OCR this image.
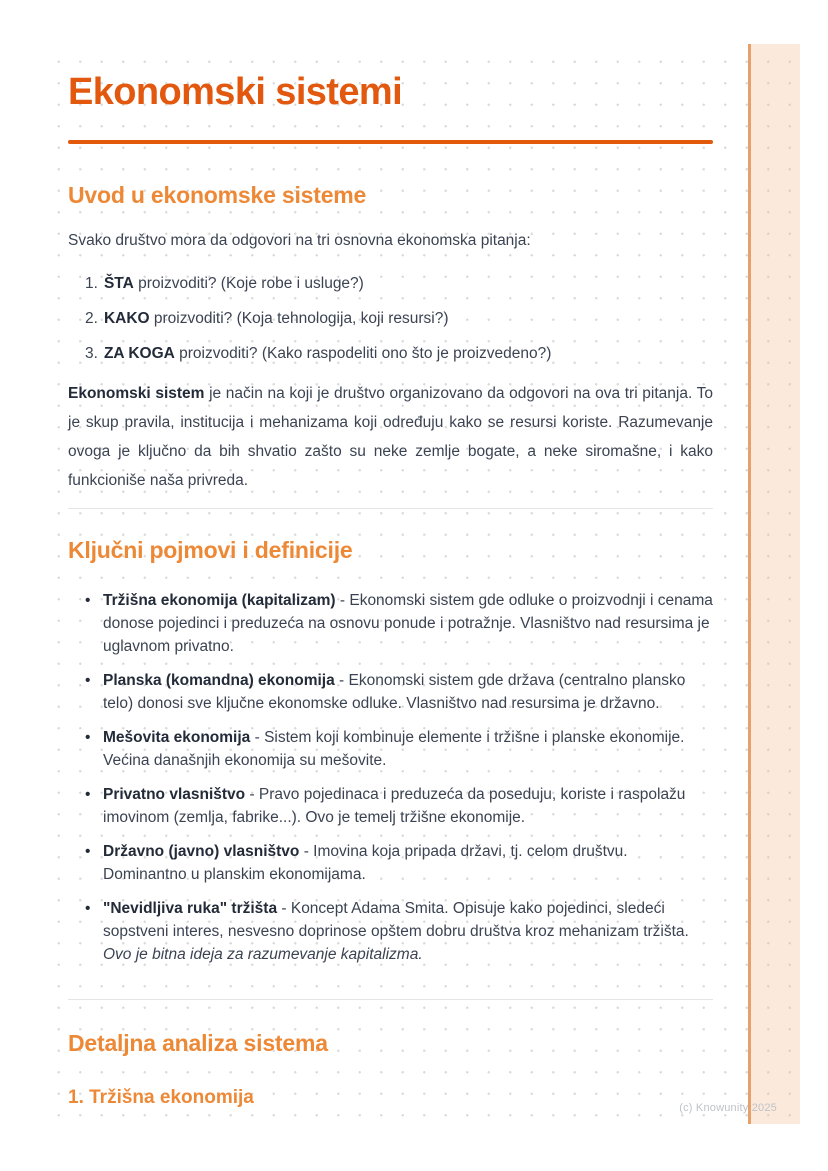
Ekonomski sistemi
Uvod u ekonomske sisteme

Svako društvo mora da odgovori na tri osnovna ekonomska pitanja:

1. ŠTA proizvoditi? (Koje robe i usluge?)
2. KAKO proizvoditi? (Koja tehnologija, koji resursi?)
3. ZA KOGA proizvoditi? (Kako raspodeliti ono što je proizvedeno?)

Ekonomski sistem je način na koji je društvo organizovano da odgovori na ova tri pitanja. To je skup pravila, institucija i mehanizama koji određuju kako se resursi koriste. Razumevanje ovoga je ključno da bih shvatio zašto su neke zemlje bogate, a neke siromašne, i kako funkcioniše naša privreda.

Ključni pojmovi i definicije
• Tržišna ekonomija (kapitalizam) - Ekonomski sistem gde odluke o proizvodnji i cenama donose pojedinci i preduzeća na osnovu ponude i potražnje. Vlasništvo nad resursima je uglavnom privatno.
• Planska (komandna) ekonomija - Ekonomski sistem gde država (centralno plansko telo) donosi sve ključne ekonomske odluke. Vlasništvo nad resursima je državno.
• Mešovita ekonomija - Sistem koji kombinuje elemente i tržišne i planske ekonomije. Većina današnjih ekonomija su mešovite.
• Privatno vlasništvo - Pravo pojedinaca i preduzeća da poseduju, koriste i raspolažu imovinom (zemlja, fabrike...). Ovo je temelj tržišne ekonomije.
• Državno (javno) vlasništvo - Imovina koja pripada državi, tj. celom društvu. Dominantno u planskim ekonomijama.
• "Nevidljiva ruka" tržišta - Koncept Adama Smita. Opisuje kako pojedinci, sledeći sopstveni interes, nesvesno doprinose opštem dobru društva kroz mehanizam tržišta. Ovo je bitna ideja za razumevanje kapitalizma.
Detaljna analiza sistema
1. Tržišna ekonomija	(c) Knowunity 2025
